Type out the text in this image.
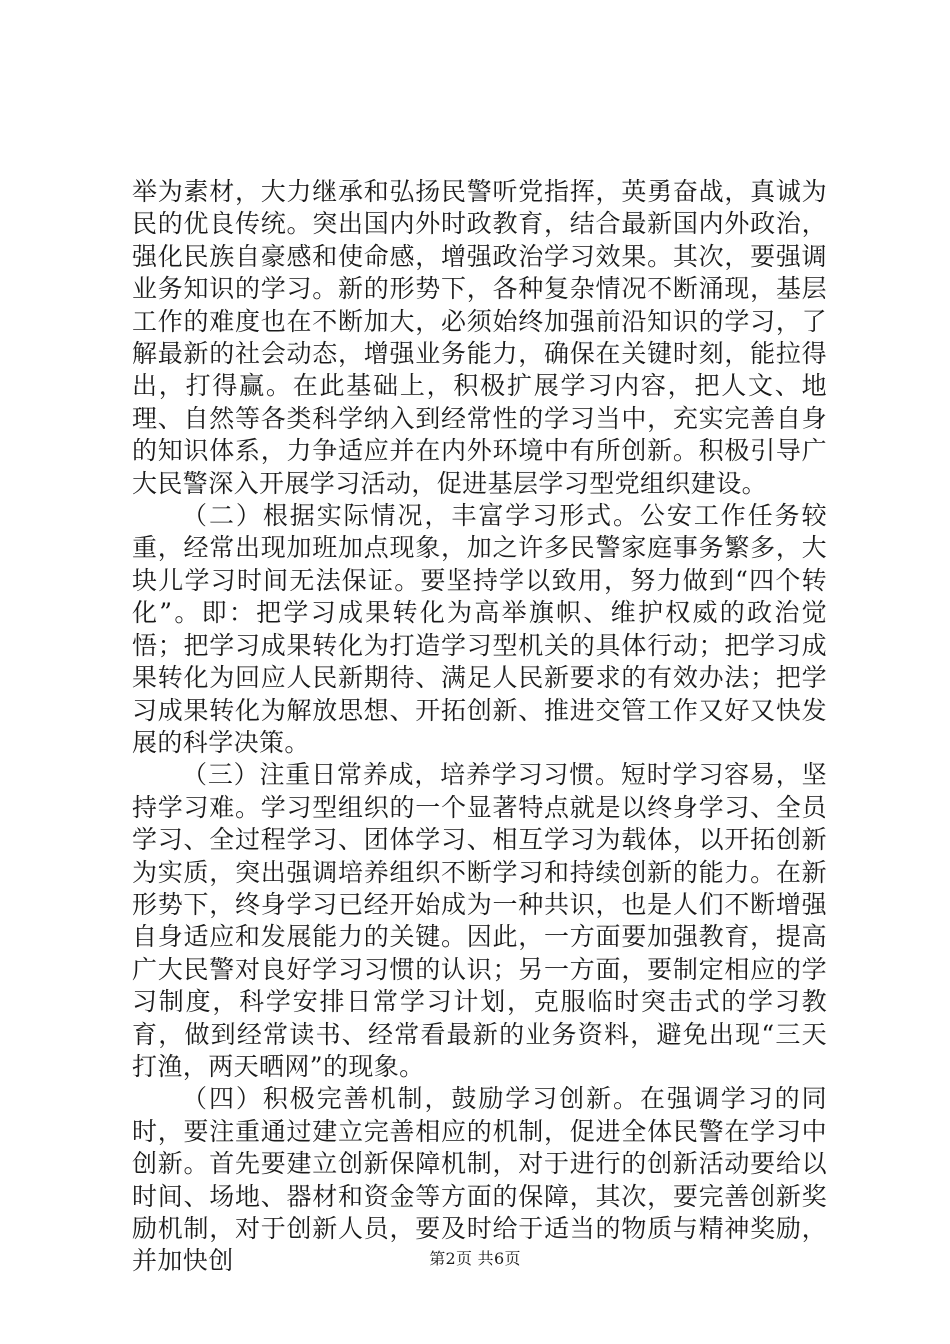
举为素材，大力继承和弘扬民警听党指挥，英勇奋战，真诚为民的优良传统。突出国内外时政教育，结合最新国内外政治，强化民族自豪感和使命感，增强政治学习效果。其次，要强调业务知识的学习。新的形势下，各种复杂情况不断涌现，基层工作的难度也在不断加大，必须始终加强前沿知识的学习，了解最新的社会动态，增强业务能力，确保在关键时刻，能拉得出，打得赢。在此基础上，积极扩展学习内容，把人文、地理、自然等各类科学纳入到经常性的学习当中，充实完善自身的知识体系，力争适应并在内外环境中有所创新。积极引导广大民警深入开展学习活动，促进基层学习型党组织建设。

（二）根据实际情况，丰富学习形式。公安工作任务较重，经常出现加班加点现象，加之许多民警家庭事务繁多，大块儿学习时间无法保证。要坚持学以致用，努力做到“四个转化”。即：把学习成果转化为高举旗帜、维护权威的政治觉悟；把学习成果转化为打造学习型机关的具体行动；把学习成果转化为回应人民新期待、满足人民新要求的有效办法；把学习成果转化为解放思想、开拓创新、推进交管工作又好又快发展的科学决策。

（三）注重日常养成，培养学习习惯。短时学习容易，坚持学习难。学习型组织的一个显著特点就是以终身学习、全员学习、全过程学习、团体学习、相互学习为载体，以开拓创新为实质，突出强调培养组织不断学习和持续创新的能力。在新形势下，终身学习已经开始成为一种共识，也是人们不断增强自身适应和发展能力的关键。因此，一方面要加强教育，提高广大民警对良好学习习惯的认识；另一方面，要制定相应的学习制度，科学安排日常学习计划，克服临时突击式的学习教育，做到经常读书、经常看最新的业务资料，避免出现“三天打渔，两天晒网”的现象。

（四）积极完善机制，鼓励学习创新。在强调学习的同时，要注重通过建立完善相应的机制，促进全体民警在学习中创新。首先要建立创新保障机制，对于进行的创新活动要给以时间、场地、器材和资金等方面的保障，其次，要完善创新奖励机制，对于创新人员，要及时给于适当的物质与精神奖励，并加快创	第2页 共6页
